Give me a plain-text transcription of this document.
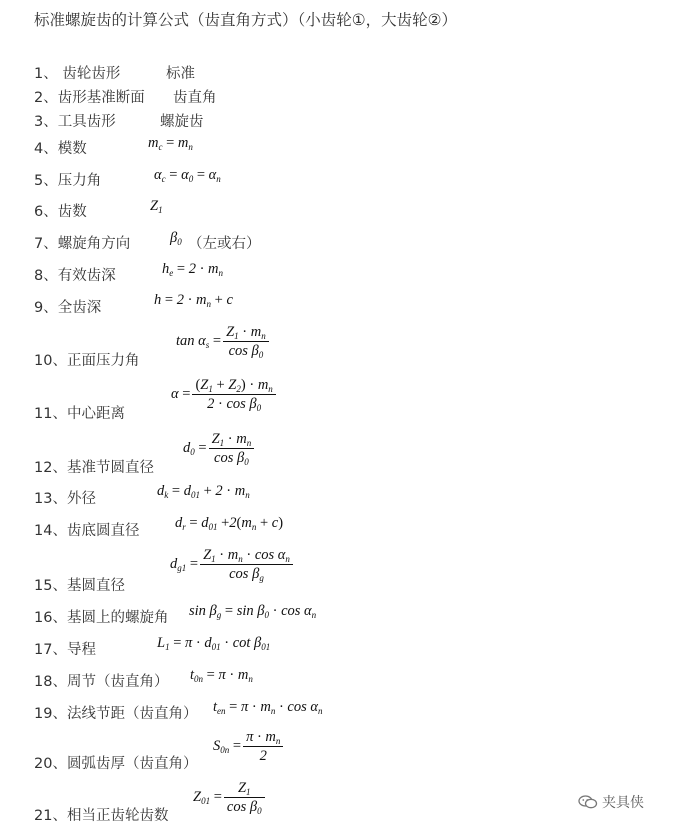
标准螺旋齿的计算公式（齿直角方式）（小齿轮①，大齿轮②）
1、 齿轮齿形	标准
2、齿形基准断面 齿直角
3、工具齿形	螺旋齿
4、模数	$m_c = m_n$
5、压力角	$\alpha_c = \alpha_0 = \alpha_n$
6、齿数	$Z_1$
7、螺旋角方向	$\beta_0$ （左或右）
8、有效齿深	$h_e = 2 \cdot m_n$
9、全齿深	$h = 2 \cdot m_n + c$
10、正面压力角
$\tan \alpha_s = \frac{Z_1 \cdot m_n}{\cos \beta_0}$
11、中心距离
$\alpha = \frac{(Z_1 + Z_2) \cdot m_n}{2 \cdot \cos \beta_0}$
12、基准节圆直径
$d_0 = \frac{Z_1 \cdot m_n}{\cos \beta_0}$
13、外径	$d_k = d_{01} + 2 \cdot m_n$
14、齿底圆直径 $d_r = d_{01} +2(m_n + c)$
15、基圆直径
$d_{g1} = \frac{Z_1 \cdot m_n \cdot \cos \alpha_n}{\cos \beta_g}$
16、基圆上的螺旋角 $\sin \beta_g = \sin \beta_0 \cdot \cos \alpha_n$
17、导程	$L_1 = \pi \cdot d_{01} \cdot \cot \beta_{01}$
18、周节（齿直角） $t_{0n} = \pi \cdot m_n$
19、法线节距（齿直角） $t_{en} = \pi \cdot m_n \cdot \cos \alpha_n$
20、圆弧齿厚（齿直角）
$S_{0n} = \frac{\pi \cdot m_n}{2}$
21、相当正齿轮齿数
$Z_{01} = \frac{Z_1}{\cos \beta_0}$	夹具侠
